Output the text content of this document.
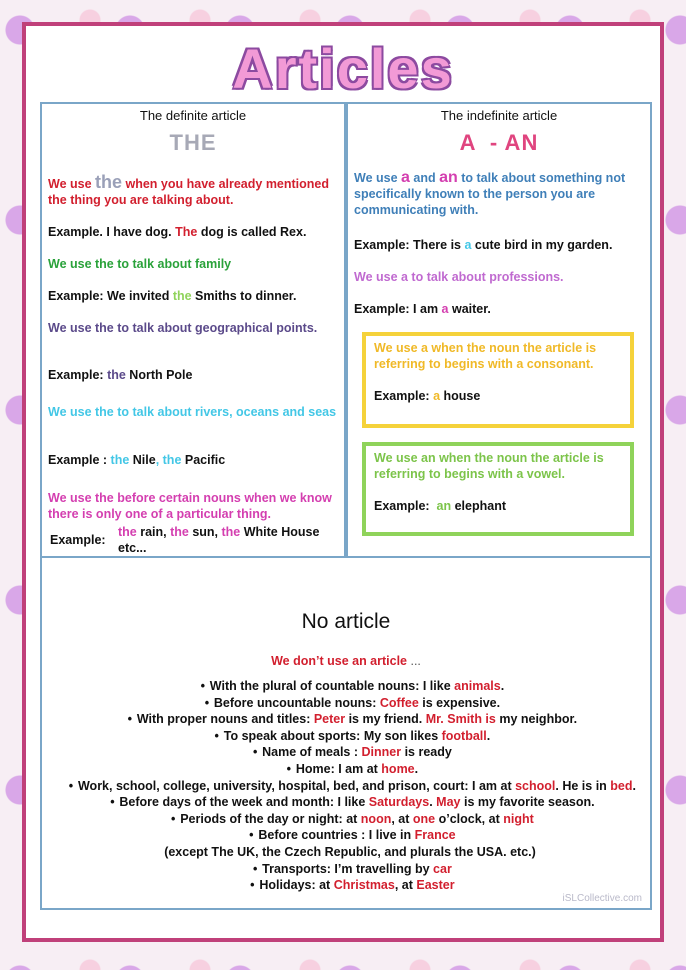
Articles
The definite article
THE
We use the when you have already mentioned the thing you are talking about.
Example. I have dog. The dog is called Rex.
We use the to talk about family
Example: We invited the Smiths to dinner.
We use the to talk about geographical points.
Example: the North Pole
We use the to talk about rivers, oceans and seas
Example : the Nile, the Pacific
We use the before certain nouns when we know there is only one of a particular thing.
Example:
the rain, the sun, the White House etc...
The indefinite article
A  - AN
We use a and an to talk about something not specifically known to the person you are communicating with.
Example: There is a cute bird in my garden.
We use a to talk about professions.
Example: I am a waiter.
We use a when the noun the article is referring to begins with a consonant.
Example: a house
We use an when the noun the article is referring to begins with a vowel.
Example:  an elephant
No article
We don’t use an article ...
• With the plural of countable nouns: I like animals.
• Before uncountable nouns: Coffee is expensive.
• With proper nouns and titles: Peter is my friend. Mr. Smith is my neighbor.
• To speak about sports: My son likes football.
• Name of meals : Dinner is ready
• Home: I am at home.
• Work, school, college, university, hospital, bed, and prison, court: I am at school. He is in bed.
• Before days of the week and month: I like Saturdays. May is my favorite season.
• Periods of the day or night: at noon, at one o’clock, at night
• Before countries : I live in France
(except The UK, the Czech Republic, and plurals the USA. etc.)
• Transports: I’m travelling by car
• Holidays: at Christmas, at Easter
iSLCollective.com
